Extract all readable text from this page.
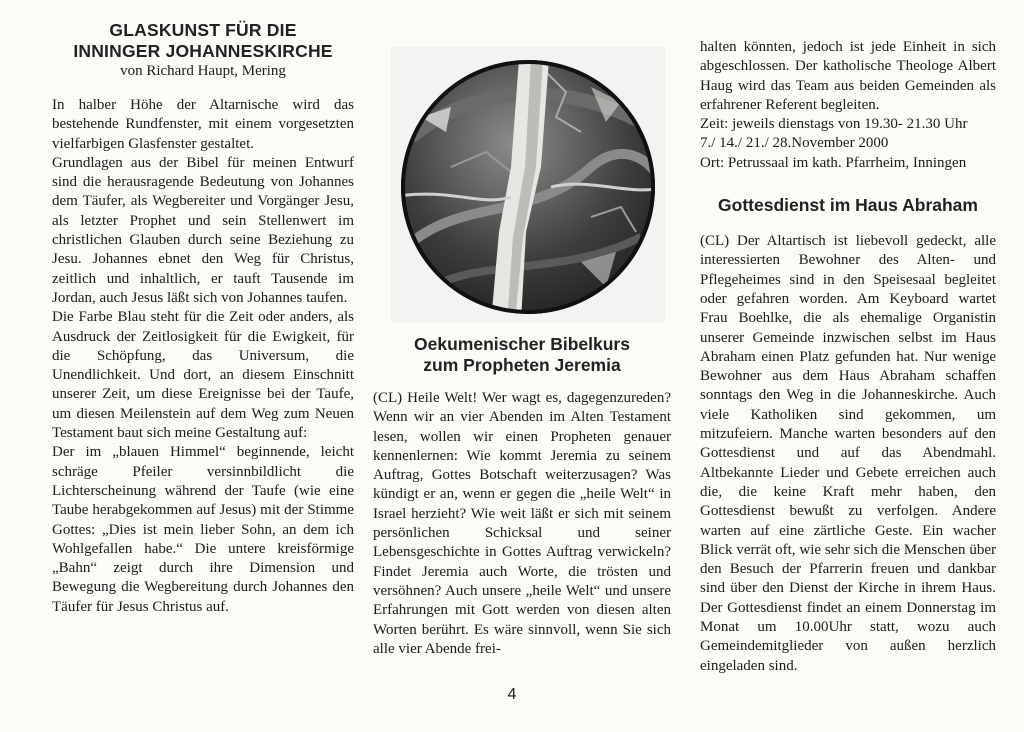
GLASKUNST FÜR DIE
INNINGER JOHANNESKIRCHE
von Richard Haupt, Mering

In halber Höhe der Altarnische wird das bestehende Rundfenster, mit einem vorgesetzten vielfarbigen Glasfenster gestaltet.

Grundlagen aus der Bibel für meinen Entwurf sind die herausragende Bedeutung von Johannes dem Täufer, als Wegbereiter und Vorgänger Jesu, als letzter Prophet und sein Stellenwert im christlichen Glauben durch seine Beziehung zu Jesu. Johannes ebnet den Weg für Christus, zeitlich und inhaltlich, er tauft Tausende im Jordan, auch Jesus läßt sich von Johannes taufen.

Die Farbe Blau steht für die Zeit oder anders, als Ausdruck der Zeitlosigkeit für die Ewigkeit, für die Schöpfung, das Universum, die Unendlichkeit. Und dort, an diesem Einschnitt unserer Zeit, um diese Ereignisse bei der Taufe, um diesen Meilenstein auf dem Weg zum Neuen Testament baut sich meine Gestaltung auf:

Der im „blauen Himmel“ beginnende, leicht schräge Pfeiler versinnbildlicht die Lichterscheinung während der Taufe (wie eine Taube herabgekommen auf Jesus) mit der Stimme Gottes: „Dies ist mein lieber Sohn, an dem ich Wohlgefallen habe.“ Die untere kreisförmige „Bahn“ zeigt durch ihre Dimension und Bewegung die Wegbereitung durch Johannes den Täufer für Jesus Christus auf.

Oekumenischer Bibelkurs
zum Propheten Jeremia

(CL) Heile Welt! Wer wagt es, dagegenzureden? Wenn wir an vier Abenden im Alten Testament lesen, wollen wir einen Propheten genauer kennenlernen: Wie kommt Jeremia zu seinem Auftrag, Gottes Botschaft weiterzusagen? Was kündigt er an, wenn er gegen die „heile Welt“ in Israel herzieht? Wie weit läßt er sich mit seinem persönlichen Schicksal und seiner Lebensgeschichte in Gottes Auftrag verwickeln? Findet Jeremia auch Worte, die trösten und versöhnen? Auch unsere „heile Welt“ und unsere Erfahrungen mit Gott werden von diesen alten Worten berührt. Es wäre sinnvoll, wenn Sie sich alle vier Abende frei-

halten könnten, jedoch ist jede Einheit in sich abgeschlossen. Der katholische Theologe Albert Haug wird das Team aus beiden Gemeinden als erfahrener Referent begleiten.

Zeit: jeweils dienstags von 19.30- 21.30 Uhr

7./ 14./ 21./ 28.November 2000

Ort: Petrussaal im kath. Pfarrheim, Inningen

Gottesdienst im Haus Abraham

(CL) Der Altartisch ist liebevoll gedeckt, alle interessierten Bewohner des Alten- und Pflegeheimes sind in den Speisesaal begleitet oder gefahren worden. Am Keyboard wartet Frau Boehlke, die als ehemalige Organistin unserer Gemeinde inzwischen selbst im Haus Abraham einen Platz gefunden hat. Nur wenige Bewohner aus dem Haus Abraham schaffen sonntags den Weg in die Johanneskirche. Auch viele Katholiken sind gekommen, um mitzufeiern. Manche warten besonders auf den Gottesdienst und auf das Abendmahl. Altbekannte Lieder und Gebete erreichen auch die, die keine Kraft mehr haben, den Gottesdienst bewußt zu verfolgen. Andere warten auf eine zärtliche Geste. Ein wacher Blick verrät oft, wie sehr sich die Menschen über den Besuch der Pfarrerin freuen und dankbar sind über den Dienst der Kirche in ihrem Haus. Der Gottesdienst findet an einem Donnerstag im Monat um 10.00Uhr statt, wozu auch Gemeindemitglieder von außen herzlich eingeladen sind.

4
